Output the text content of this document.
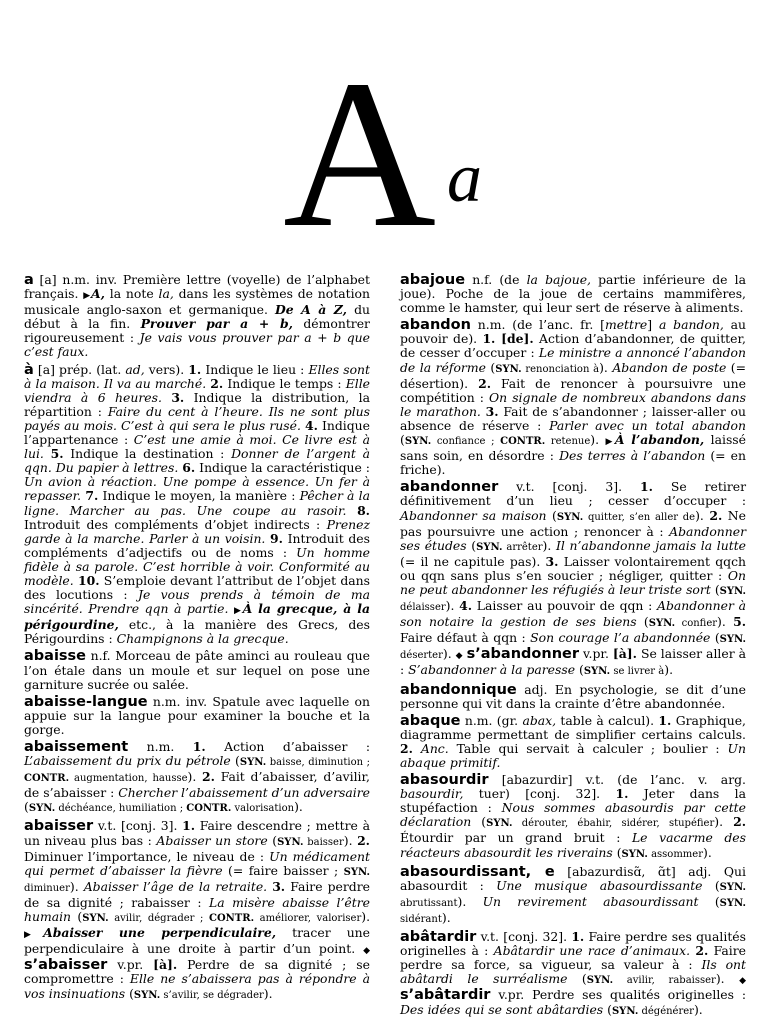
A a

a [a] n.m. inv. Première lettre (voyelle) de l’alphabet français. ▶A, la note la, dans les systèmes de notation musicale anglo-saxon et germanique. De A à Z, du début à la fin. Prouver par a + b, démontrer rigoureusement : Je vais vous prouver par a + b que c’est faux.

à [a] prép. (lat. ad, vers). 1. Indique le lieu : Elles sont à la maison. Il va au marché. 2. Indique le temps : Elle viendra à 6 heures. 3. Indique la distribution, la répartition : Faire du cent à l’heure. Ils ne sont plus payés au mois. C’est à qui sera le plus rusé. 4. Indique l’appartenance : C’est une amie à moi. Ce livre est à lui. 5. Indique la destination : Donner de l’argent à qqn. Du papier à lettres. 6. Indique la caractéristique : Un avion à réaction. Une pompe à essence. Un fer à repasser. 7. Indique le moyen, la manière : Pêcher à la ligne. Marcher au pas. Une coupe au rasoir. 8. Introduit des compléments d’objet indirects : Prenez garde à la marche. Parler à un voisin. 9. Introduit des compléments d’adjectifs ou de noms : Un homme fidèle à sa parole. C’est horrible à voir. Conformité au modèle. 10. S’emploie devant l’attribut de l’objet dans des locutions : Je vous prends à témoin de ma sincérité. Prendre qqn à partie. ▶À la grecque, à la périgourdine, etc., à la manière des Grecs, des Périgourdins : Champignons à la grecque.

abaisse n.f. Morceau de pâte aminci au rouleau que l’on étale dans un moule et sur lequel on pose une garniture sucrée ou salée.

abaisse-langue n.m. inv. Spatule avec laquelle on appuie sur la langue pour examiner la bouche et la gorge.

abaissement n.m. 1. Action d’abaisser : L’abaissement du prix du pétrole (SYN. baisse, diminution ; CONTR. augmentation, hausse). 2. Fait d’abaisser, d’avilir, de s’abaisser : Chercher l’abaissement d’un adversaire (SYN. déchéance, humiliation ; CONTR. valorisation).

abaisser v.t. [conj. 3]. 1. Faire descendre ; mettre à un niveau plus bas : Abaisser un store (SYN. baisser). 2. Diminuer l’importance, le niveau de : Un médicament qui permet d’abaisser la fièvre (= faire baisser ; SYN. diminuer). Abaisser l’âge de la retraite. 3. Faire perdre de sa dignité ; rabaisser : La misère abaisse l’être humain (SYN. avilir, dégrader ; CONTR. améliorer, valoriser). ▶Abaisser une perpendiculaire, tracer une perpendiculaire à une droite à partir d’un point. ◆ s’abaisser v.pr. [à]. Perdre de sa dignité ; se compromettre : Elle ne s’abaissera pas à répondre à vos insinuations (SYN. s’avilir, se dégrader).

abajoue n.f. (de la bajoue, partie inférieure de la joue). Poche de la joue de certains mammifères, comme le hamster, qui leur sert de réserve à aliments.

abandon n.m. (de l’anc. fr. [mettre] a bandon, au pouvoir de). 1. [de]. Action d’abandonner, de quitter, de cesser d’occuper : Le ministre a annoncé l’abandon de la réforme (SYN. renonciation à). Abandon de poste (= désertion). 2. Fait de renoncer à poursuivre une compétition : On signale de nombreux abandons dans le marathon. 3. Fait de s’abandonner ; laisser-aller ou absence de réserve : Parler avec un total abandon (SYN. confiance ; CONTR. retenue). ▶À l’abandon, laissé sans soin, en désordre : Des terres à l’abandon (= en friche).

abandonner v.t. [conj. 3]. 1. Se retirer définitivement d’un lieu ; cesser d’occuper : Abandonner sa maison (SYN. quitter, s’en aller de). 2. Ne pas poursuivre une action ; renoncer à : Abandonner ses études (SYN. arrêter). Il n’abandonne jamais la lutte (= il ne capitule pas). 3. Laisser volontairement qqch ou qqn sans plus s’en soucier ; négliger, quitter : On ne peut abandonner les réfugiés à leur triste sort (SYN. délaisser). 4. Laisser au pouvoir de qqn : Abandonner à son notaire la gestion de ses biens (SYN. confier). 5. Faire défaut à qqn : Son courage l’a abandonnée (SYN. déserter). ◆ s’abandonner v.pr. [à]. Se laisser aller à : S’abandonner à la paresse (SYN. se livrer à).

abandonnique adj. En psychologie, se dit d’une personne qui vit dans la crainte d’être abandonnée.

abaque n.m. (gr. abax, table à calcul). 1. Graphique, diagramme permettant de simplifier certains calculs. 2. Anc. Table qui servait à calculer ; boulier : Un abaque primitif.

abasourdir [abazurdir] v.t. (de l’anc. v. arg. basourdir, tuer) [conj. 32]. 1. Jeter dans la stupéfaction : Nous sommes abasourdis par cette déclaration (SYN. dérouter, ébahir, sidérer, stupéfier). 2. Étourdir par un grand bruit : Le vacarme des réacteurs abasourdit les riverains (SYN. assommer).

abasourdissant, e [abazurdisɑ̃, ɑ̃t] adj. Qui abasourdit : Une musique abasourdissante (SYN. abrutissant). Un revirement abasourdissant (SYN. sidérant).

abâtardir v.t. [conj. 32]. 1. Faire perdre ses qualités originelles à : Abâtardir une race d’animaux. 2. Faire perdre sa force, sa vigueur, sa valeur à : Ils ont abâtardi le surréalisme (SYN. avilir, rabaisser). ◆ s’abâtardir v.pr. Perdre ses qualités originelles : Des idées qui se sont abâtardies (SYN. dégénérer).
